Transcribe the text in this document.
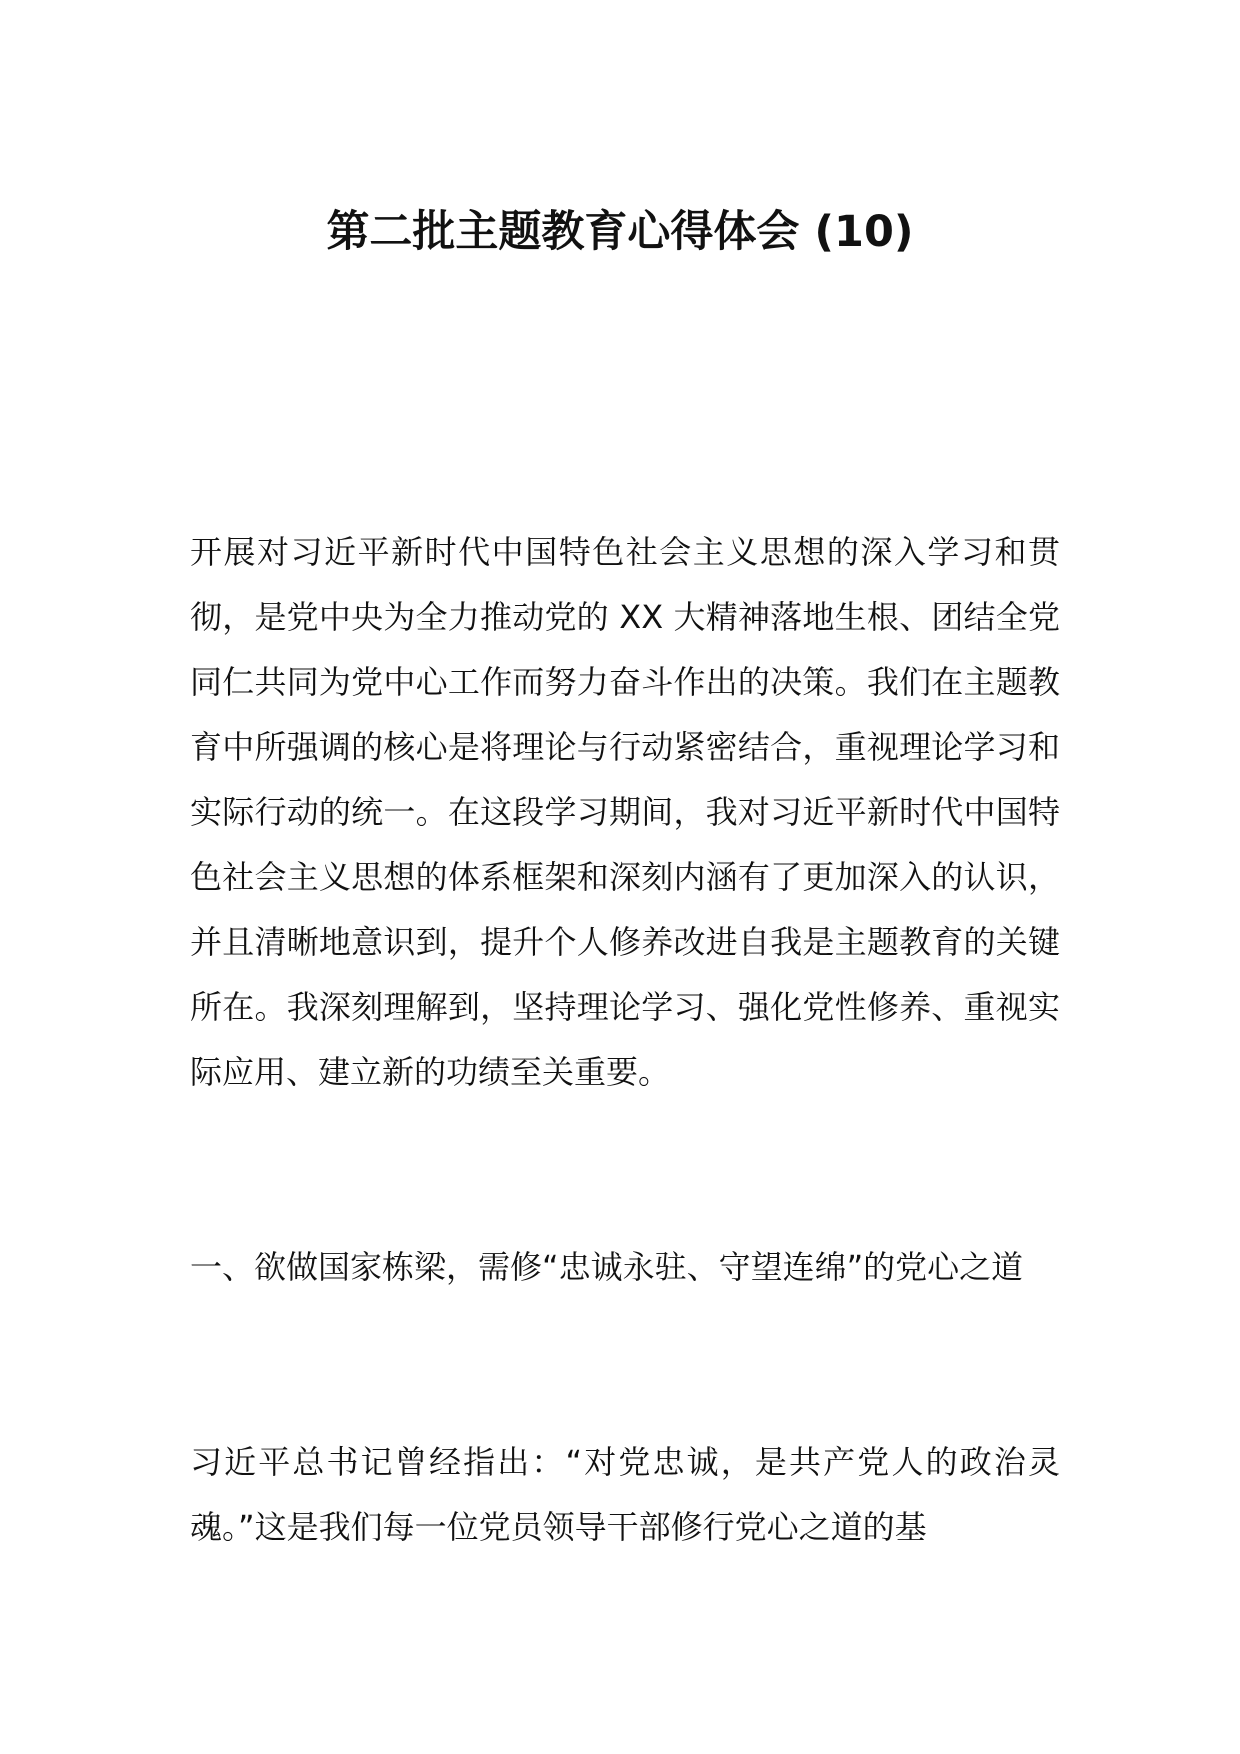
第二批主题教育心得体会 (10)

开展对习近平新时代中国特色社会主义思想的深入学习和贯彻，是党中央为全力推动党的 XX 大精神落地生根、团结全党同仁共同为党中心工作而努力奋斗作出的决策。我们在主题教育中所强调的核心是将理论与行动紧密结合，重视理论学习和实际行动的统一。在这段学习期间，我对习近平新时代中国特色社会主义思想的体系框架和深刻内涵有了更加深入的认识，并且清晰地意识到，提升个人修养改进自我是主题教育的关键所在。我深刻理解到，坚持理论学习、强化党性修养、重视实际应用、建立新的功绩至关重要。

一、欲做国家栋梁，需修“忠诚永驻、守望连绵”的党心之道

习近平总书记曾经指出：“对党忠诚，是共产党人的政治灵魂。”这是我们每一位党员领导干部修行党心之道的基
